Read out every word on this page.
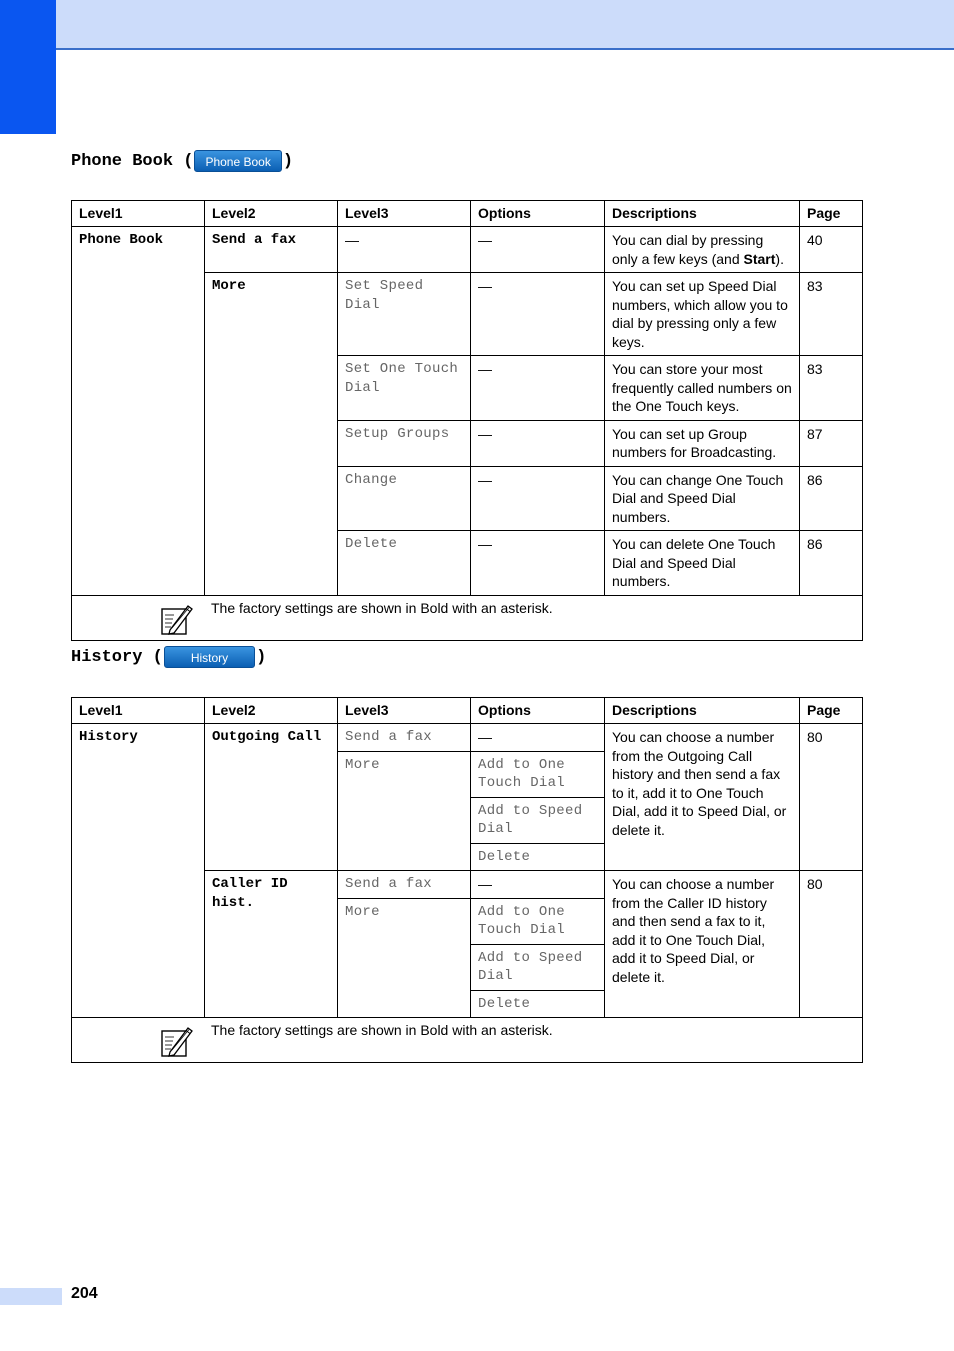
Phone Book
(	Phone Book )
Level1	Level2	Level3	Options	Descriptions	Page
Phone Book	Send a fax	—	—	You can dial by pressing only a few keys (and Start).	40
	More	Set Speed Dial	—	You can set up Speed Dial numbers, which allow you to dial by pressing only a few keys.	83
		Set One Touch Dial	—	You can store your most frequently called numbers on the One Touch keys.	83
		Setup Groups	—	You can set up Group numbers for Broadcasting.	87
		Change	—	You can change One Touch Dial and Speed Dial numbers.	86
		Delete	—	You can delete One Touch Dial and Speed Dial numbers.	86

The factory settings are shown in Bold with an asterisk.					
History
(	History	)
Level1	Level2	Level3	Options	Descriptions	Page
History	Outgoing Call	Send a fax	—	You can choose a number from the Outgoing Call history and then send a fax to it, add it to One Touch Dial, add it to Speed Dial, or delete it.	80
		More	Add to One Touch Dial		
			Add to Speed Dial		
			Delete		
	Caller ID hist.	Send a fax	—	You can choose a number from the Caller ID history and then send a fax to it, add it to One Touch Dial, add it to Speed Dial, or delete it.	80
		More	Add to One Touch Dial		
			Add to Speed Dial		
			Delete		

The factory settings are shown in Bold with an asterisk.					
204
